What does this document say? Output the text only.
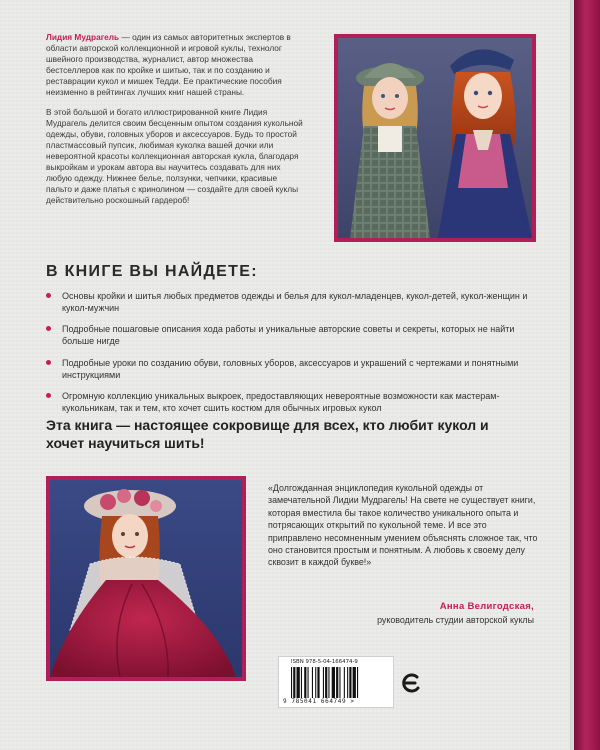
Лидия Мудрагель — один из самых авторитетных экспертов в области авторской коллекционной и игровой куклы, технолог швейного производства, журналист, автор множества бестселлеров как по кройке и шитью, так и по созданию и реставрации кукол и мишек Тедди. Ее практические пособия неизменно в рейтингах лучших книг нашей страны.

В этой большой и богато иллюстрированной книге Лидия Мудрагель делится своим бесценным опытом создания кукольной одежды, обуви, головных уборов и аксессуаров. Будь то простой пластмассовый пупсик, любимая куколка вашей дочки или невероятной красоты коллекционная авторская кукла, благодаря выкройкам и урокам автора вы научитесь создавать для них любую одежду. Нижнее белье, ползунки, чепчики, красивые пальто и даже платья с кринолином — создайте для своей куклы действительно роскошный гардероб!

В КНИГЕ ВЫ НАЙДЕТЕ:
Основы кройки и шитья любых предметов одежды и белья для кукол-младенцев, кукол-детей, кукол-женщин и кукол-мужчин
Подробные пошаговые описания хода работы и уникальные авторские советы и секреты, которых не найти больше нигде
Подробные уроки по созданию обуви, головных уборов, аксессуаров и украшений с чертежами и понятными инструкциями
Огромную коллекцию уникальных выкроек, предоставляющих невероятные возможности как мастерам-кукольникам, так и тем, кто хочет сшить костюм для обычных игровых кукол
Эта книга — настоящее сокровище для всех, кто любит кукол и хочет научиться шить!
«Долгожданная энциклопедия кукольной одежды от замечательной Лидии Мудрагель! На свете не существует книги, которая вместила бы такое количество уникального опыта и потрясающих открытий по кукольной теме. И все это приправлено несомненным умением объяснять сложное так, что оно становится простым и понятным. А любовь к своему делу сквозит в каждой букве!»
Анна Велигодская,
руководитель студии авторской куклы
ISBN 978-5-04-166474-9
9 785041 664749 >
